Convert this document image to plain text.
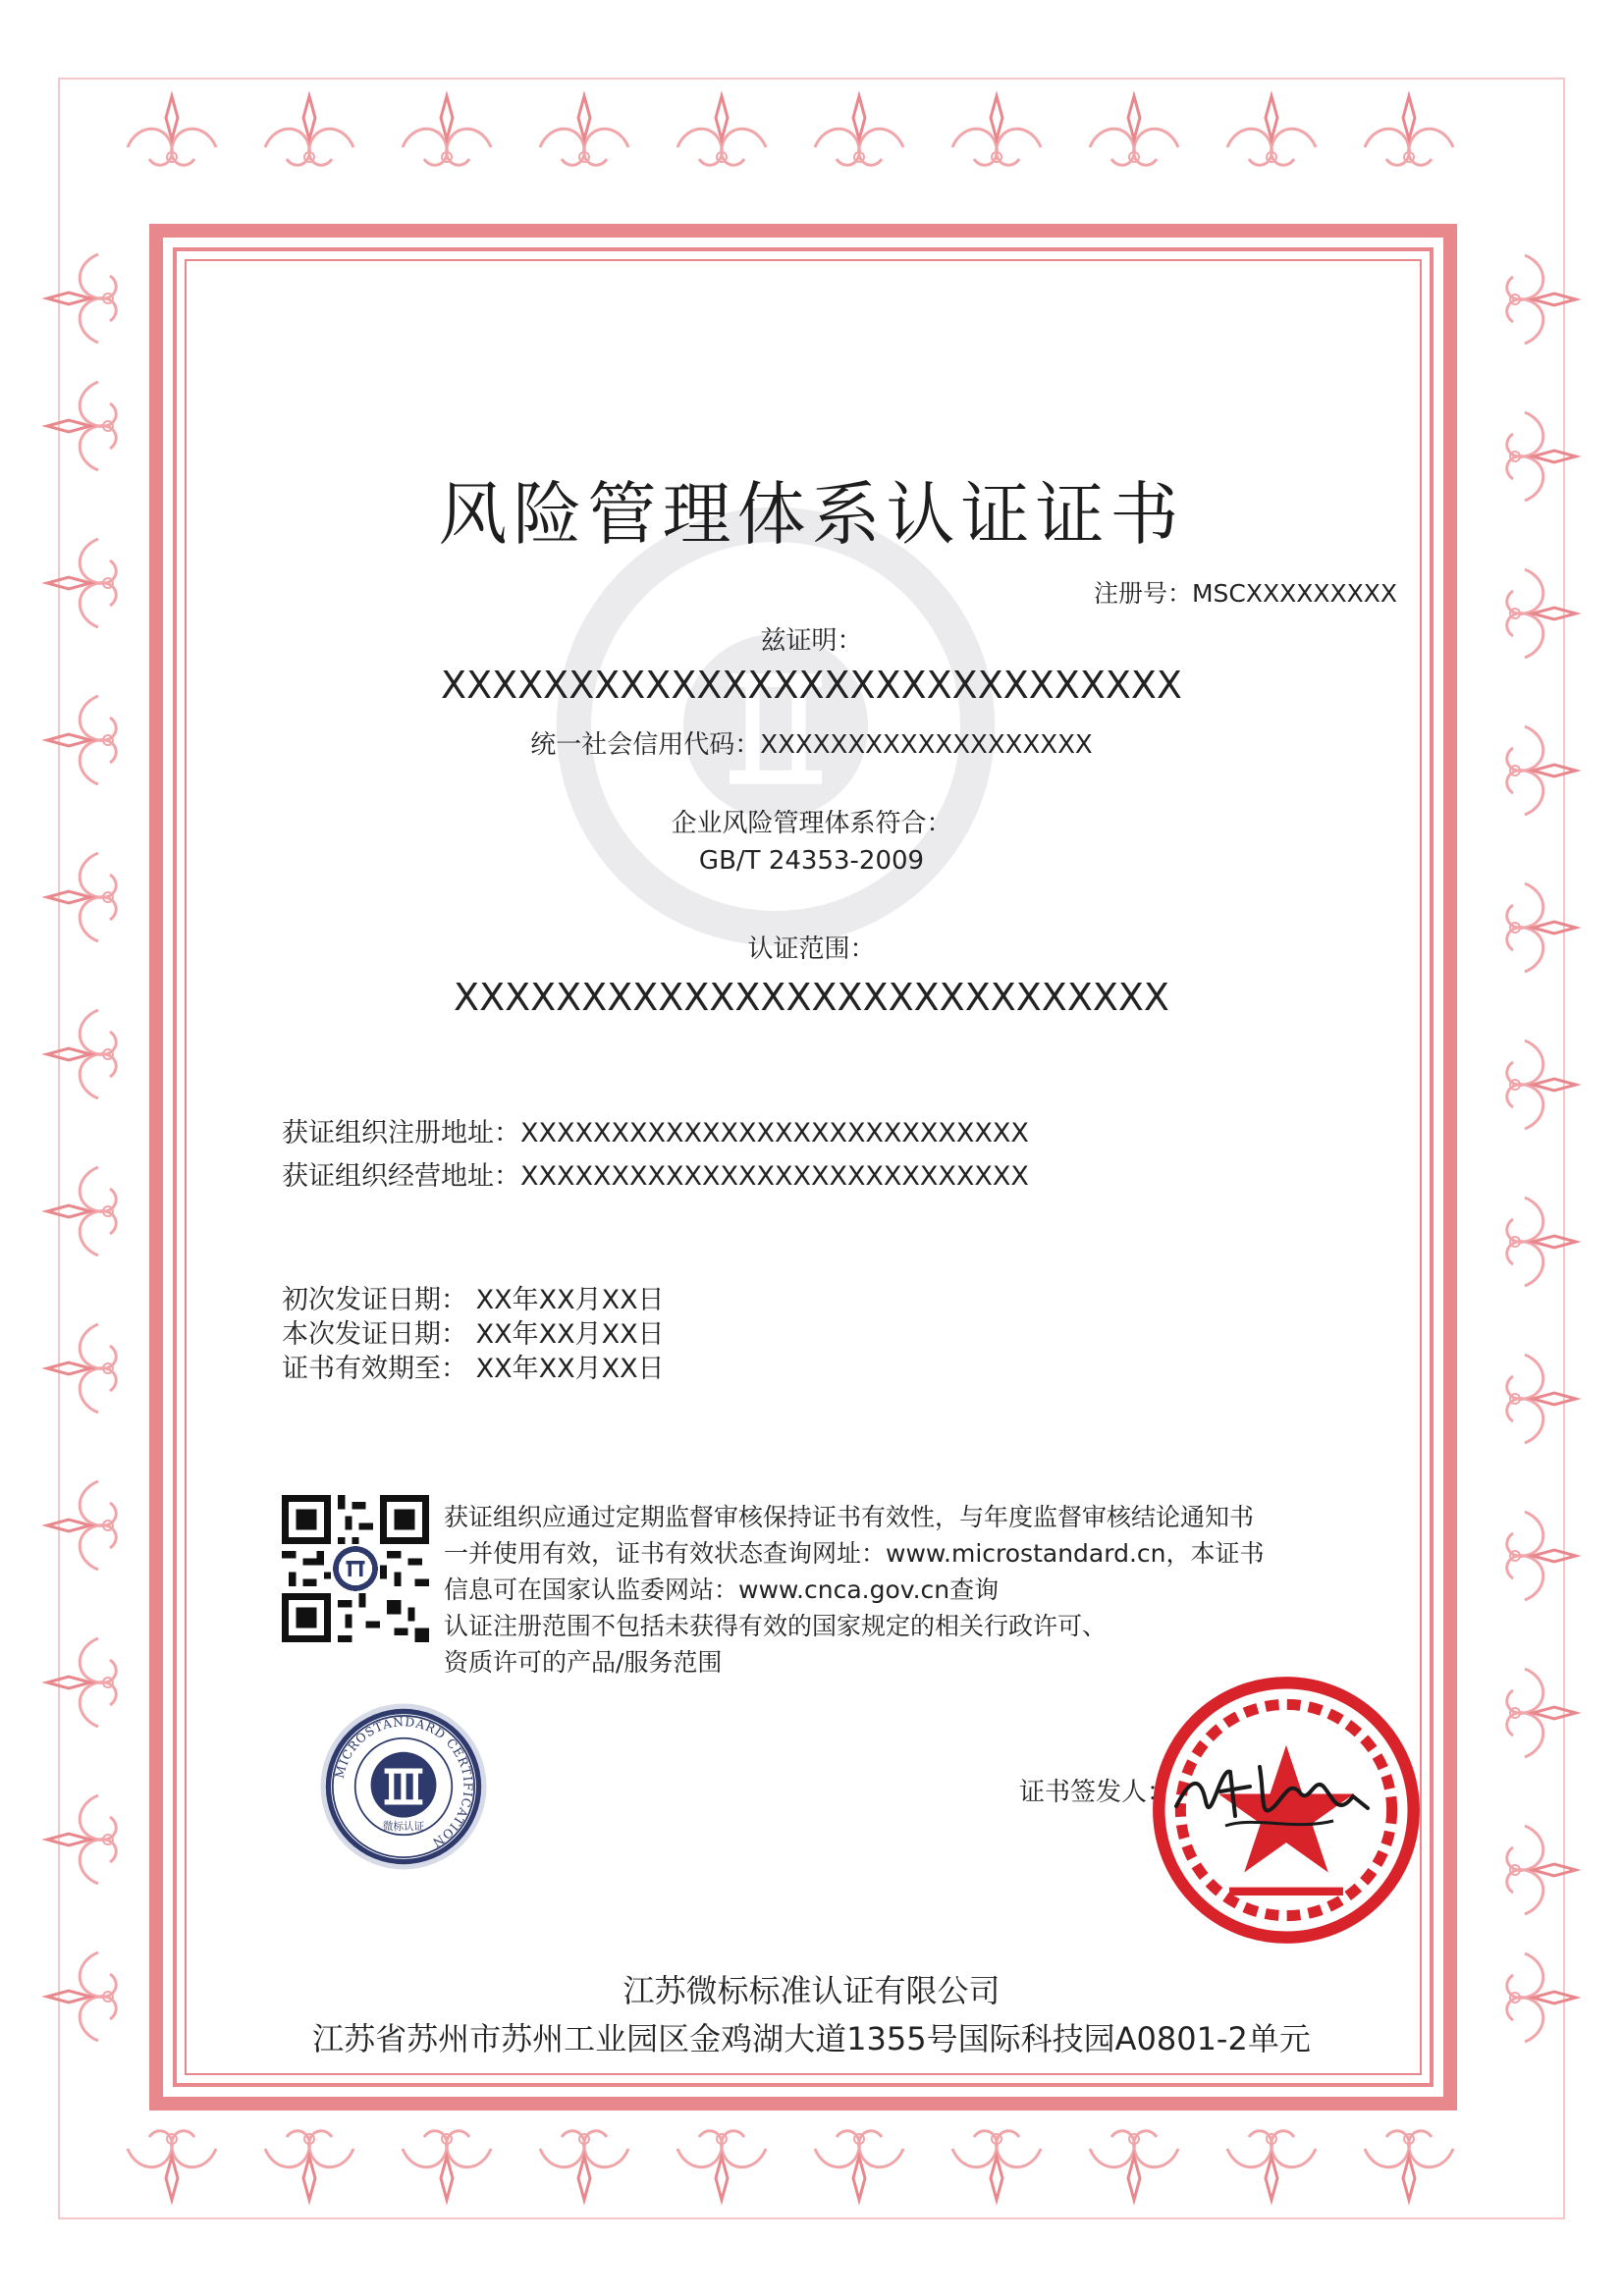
风险管理体系认证证书
注册号：MSCXXXXXXXXX
兹证明：
XXXXXXXXXXXXXXXXXXXXXXXXXXXXX
统一社会信用代码：XXXXXXXXXXXXXXXXXXX
企业风险管理体系符合：
GB/T 24353-2009
认证范围：
XXXXXXXXXXXXXXXXXXXXXXXXXXXX
获证组织注册地址：XXXXXXXXXXXXXXXXXXXXXXXXXXXX
获证组织经营地址：XXXXXXXXXXXXXXXXXXXXXXXXXXXX
初次发证日期： XX年XX月XX日
本次发证日期： XX年XX月XX日
证书有效期至： XX年XX月XX日
获证组织应通过定期监督审核保持证书有效性，与年度监督审核结论通知书
一并使用有效，证书有效状态查询网址：www.microstandard.cn，本证书
信息可在国家认监委网站：www.cnca.gov.cn查询
认证注册范围不包括未获得有效的国家规定的相关行政许可、
资质许可的产品/服务范围
MICROSTANDARD CERTIFICATION
微标认证
证书签发人：
江苏微标标准认证有限公司
江苏省苏州市苏州工业园区金鸡湖大道1355号国际科技园A0801-2单元
